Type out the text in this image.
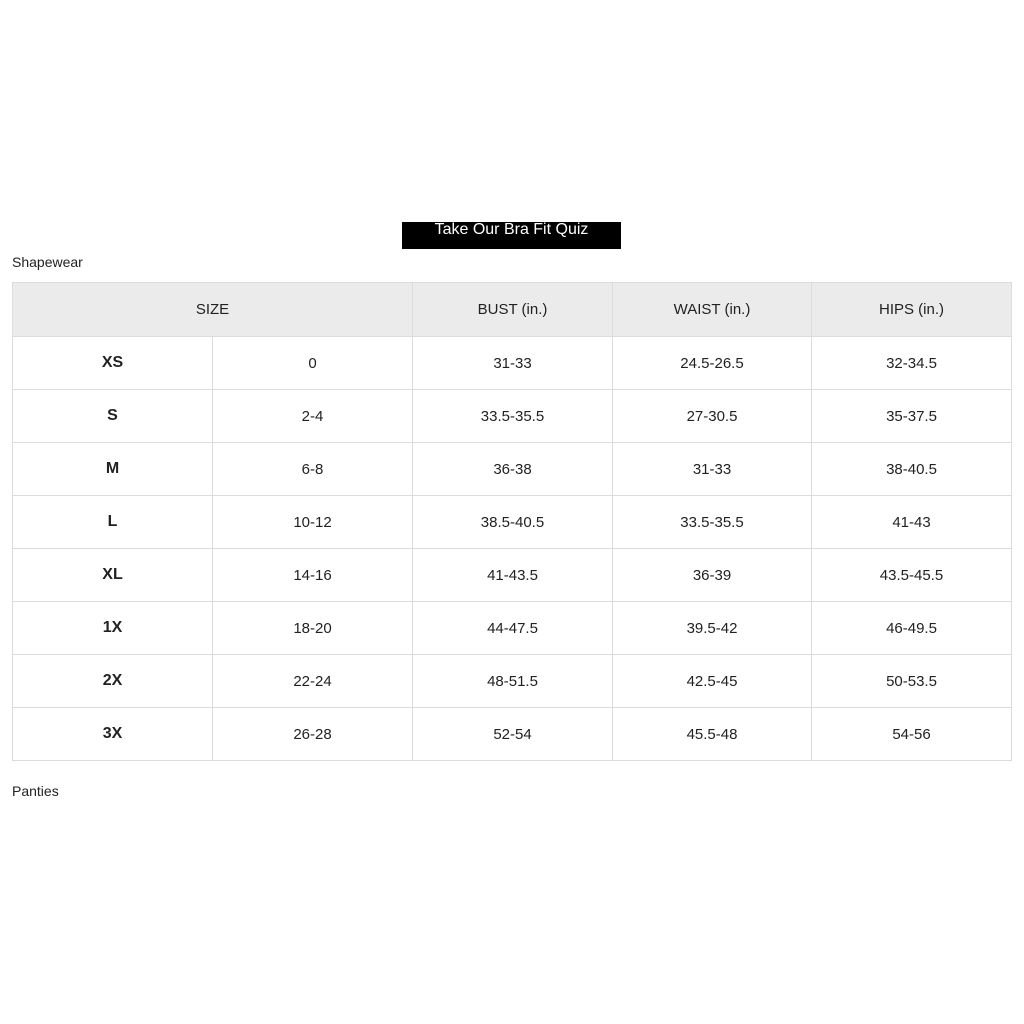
Take Our Bra Fit Quiz
Shapewear
SIZE		BUST (in.)	WAIST (in.)	HIPS (in.)
XS	0	31-33	24.5-26.5	32-34.5
S	2-4	33.5-35.5	27-30.5	35-37.5
M	6-8	36-38	31-33	38-40.5
L	10-12	38.5-40.5	33.5-35.5	41-43
XL	14-16	41-43.5	36-39	43.5-45.5
1X	18-20	44-47.5	39.5-42	46-49.5
2X	22-24	48-51.5	42.5-45	50-53.5
3X	26-28	52-54	45.5-48	54-56
Panties
